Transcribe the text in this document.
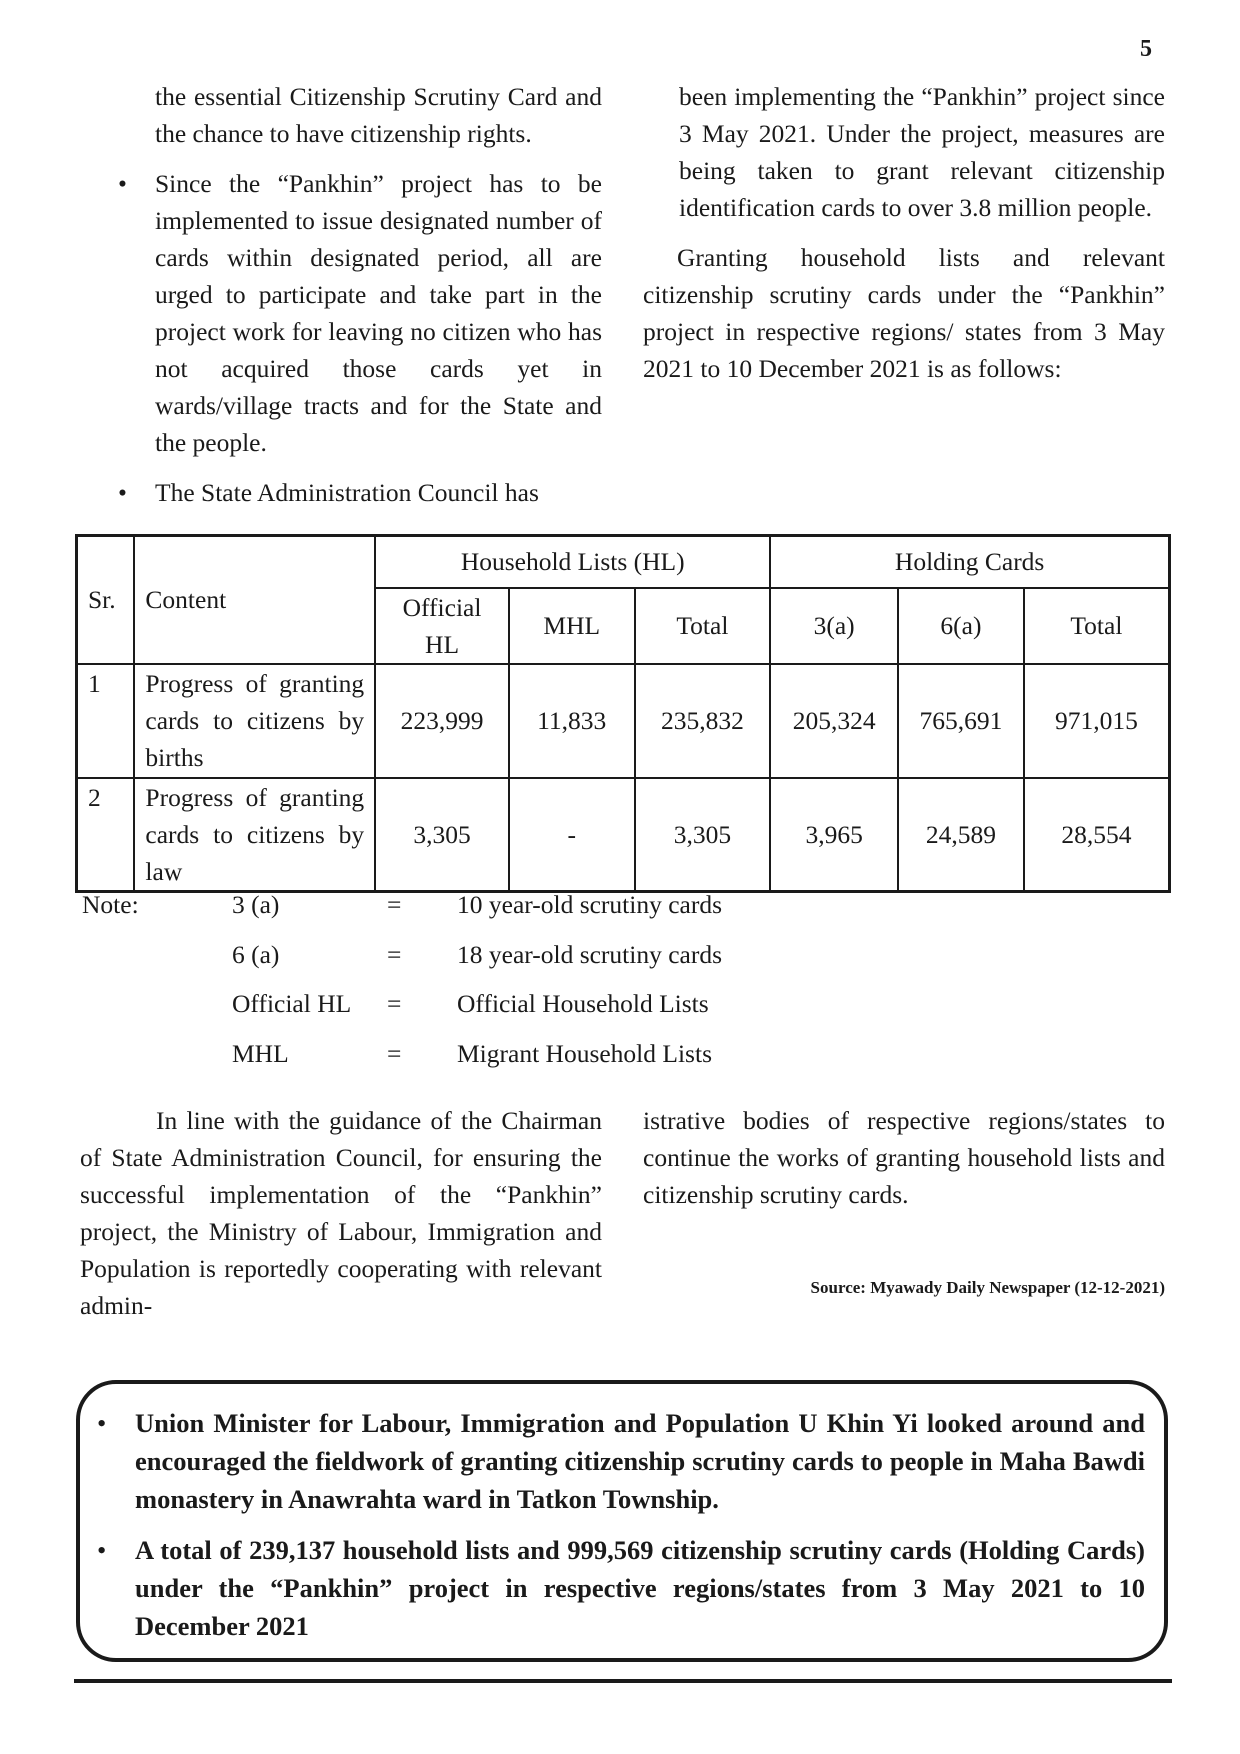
5

the essential Citizenship Scrutiny Card and the chance to have citizenship rights.

• Since the “Pankhin” project has to be implemented to issue designated number of cards within designated period, all are urged to participate and take part in the project work for leaving no citizen who has not acquired those cards yet in wards/village tracts and for the State and the people.

• The State Administration Council has

been implementing the “Pankhin” project since 3 May 2021. Under the project, measures are being taken to grant relevant citizenship identification cards to over 3.8 million people.

Granting household lists and relevant citizenship scrutiny cards under the “Pankhin” project in respective regions/ states from 3 May 2021 to 10 December 2021 is as follows:

Sr.	Content	Household Lists (HL)			Holding Cards		
		Official HL	MHL	Total	3(a)	6(a)	Total
1	Progress of granting cards to citizens by births	223,999	11,833	235,832	205,324	765,691	971,015
2	Progress of granting cards to citizens by law	3,305	-	3,305	3,965	24,589	28,554
Note:	3 (a)	= 10 year-old scrutiny cards
6 (a)	= 18 year-old scrutiny cards
Official HL = Official Household Lists
MHL	= Migrant Household Lists

In line with the guidance of the Chairman of State Administration Council, for ensuring the successful implementation of the “Pankhin” project, the Ministry of Labour, Immigration and Population is reportedly cooperating with relevant admin-

istrative bodies of respective regions/states to continue the works of granting household lists and citizenship scrutiny cards.

Source: Myawady Daily Newspaper (12-12-2021)
• Union Minister for Labour, Immigration and Population U Khin Yi looked around and encouraged the fieldwork of granting citizenship scrutiny cards to people in Maha Bawdi monastery in Anawrahta ward in Tatkon Township.
• A total of 239,137 household lists and 999,569 citizenship scrutiny cards (Holding Cards) under the “Pankhin” project in respective regions/states from 3 May 2021 to 10 December 2021
